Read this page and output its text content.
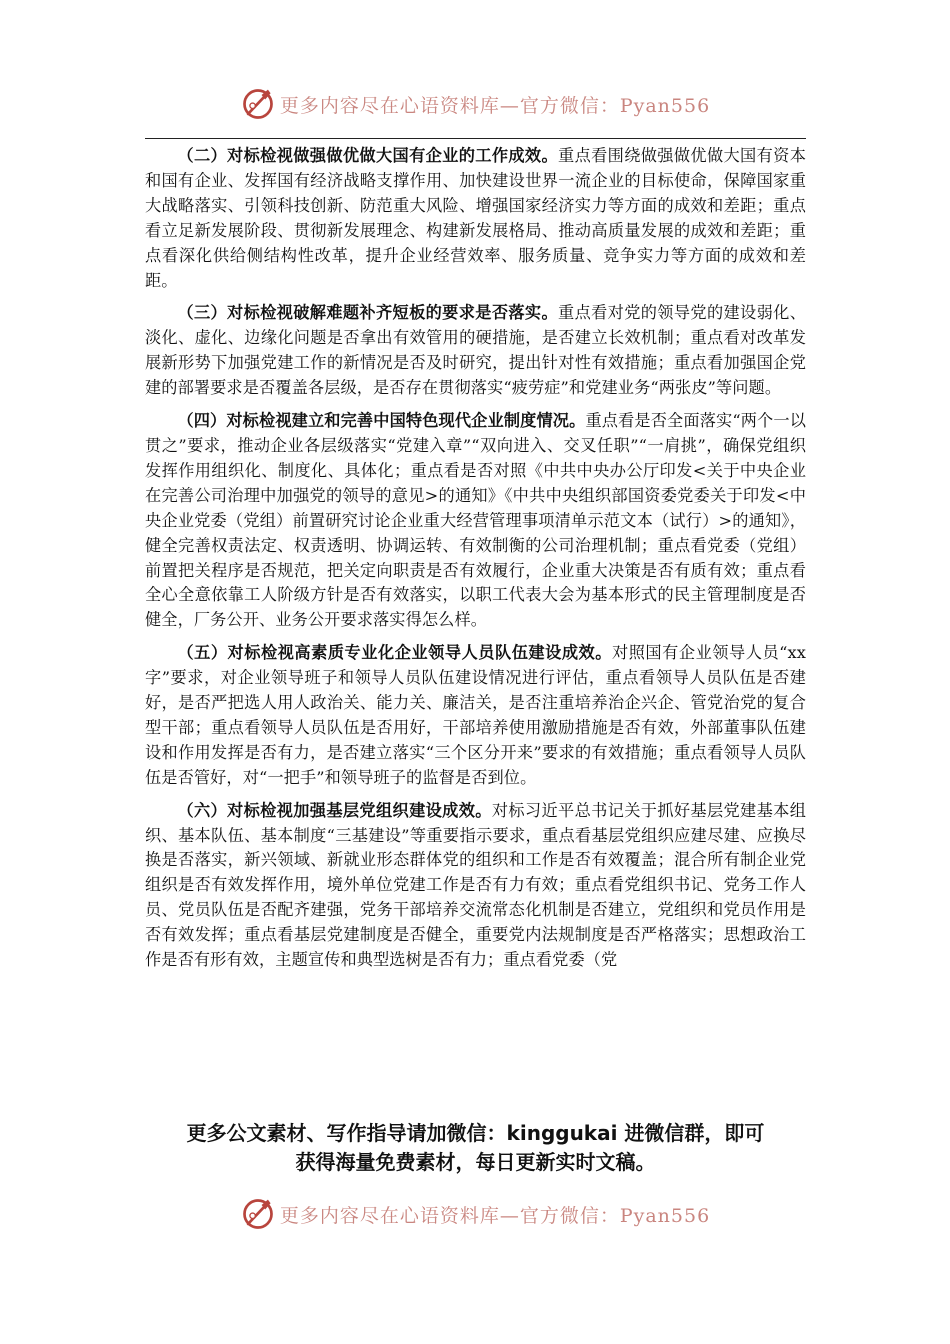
更多内容尽在心语资料库—官方微信：Pyan556

（二）对标检视做强做优做大国有企业的工作成效。重点看围绕做强做优做大国有资本和国有企业、发挥国有经济战略支撑作用、加快建设世界一流企业的目标使命，保障国家重大战略落实、引领科技创新、防范重大风险、增强国家经济实力等方面的成效和差距；重点看立足新发展阶段、贯彻新发展理念、构建新发展格局、推动高质量发展的成效和差距；重点看深化供给侧结构性改革，提升企业经营效率、服务质量、竞争实力等方面的成效和差距。

（三）对标检视破解难题补齐短板的要求是否落实。重点看对党的领导党的建设弱化、淡化、虚化、边缘化问题是否拿出有效管用的硬措施，是否建立长效机制；重点看对改革发展新形势下加强党建工作的新情况是否及时研究，提出针对性有效措施；重点看加强国企党建的部署要求是否覆盖各层级，是否存在贯彻落实“疲劳症”和党建业务“两张皮”等问题。

（四）对标检视建立和完善中国特色现代企业制度情况。重点看是否全面落实“两个一以贯之”要求，推动企业各层级落实“党建入章”“双向进入、交叉任职”“一肩挑”，确保党组织发挥作用组织化、制度化、具体化；重点看是否对照《中共中央办公厅印发<关于中央企业在完善公司治理中加强党的领导的意见>的通知》《中共中央组织部国资委党委关于印发<中央企业党委（党组）前置研究讨论企业重大经营管理事项清单示范文本（试行）>的通知》，健全完善权责法定、权责透明、协调运转、有效制衡的公司治理机制；重点看党委（党组）前置把关程序是否规范，把关定向职责是否有效履行，企业重大决策是否有质有效；重点看全心全意依靠工人阶级方针是否有效落实，以职工代表大会为基本形式的民主管理制度是否健全，厂务公开、业务公开要求落实得怎么样。

（五）对标检视高素质专业化企业领导人员队伍建设成效。对照国有企业领导人员“xx字”要求，对企业领导班子和领导人员队伍建设情况进行评估，重点看领导人员队伍是否建好，是否严把选人用人政治关、能力关、廉洁关，是否注重培养治企兴企、管党治党的复合型干部；重点看领导人员队伍是否用好，干部培养使用激励措施是否有效，外部董事队伍建设和作用发挥是否有力，是否建立落实“三个区分开来”要求的有效措施；重点看领导人员队伍是否管好，对“一把手”和领导班子的监督是否到位。

（六）对标检视加强基层党组织建设成效。对标习近平总书记关于抓好基层党建基本组织、基本队伍、基本制度“三基建设”等重要指示要求，重点看基层党组织应建尽建、应换尽换是否落实，新兴领域、新就业形态群体党的组织和工作是否有效覆盖；混合所有制企业党组织是否有效发挥作用，境外单位党建工作是否有力有效；重点看党组织书记、党务工作人员、党员队伍是否配齐建强，党务干部培养交流常态化机制是否建立，党组织和党员作用是否有效发挥；重点看基层党建制度是否健全，重要党内法规制度是否严格落实；思想政治工作是否有形有效，主题宣传和典型选树是否有力；重点看党委（党

更多公文素材、写作指导请加微信：kinggukai 进微信群，即可
获得海量免费素材，每日更新实时文稿。
更多内容尽在心语资料库—官方微信：Pyan556
